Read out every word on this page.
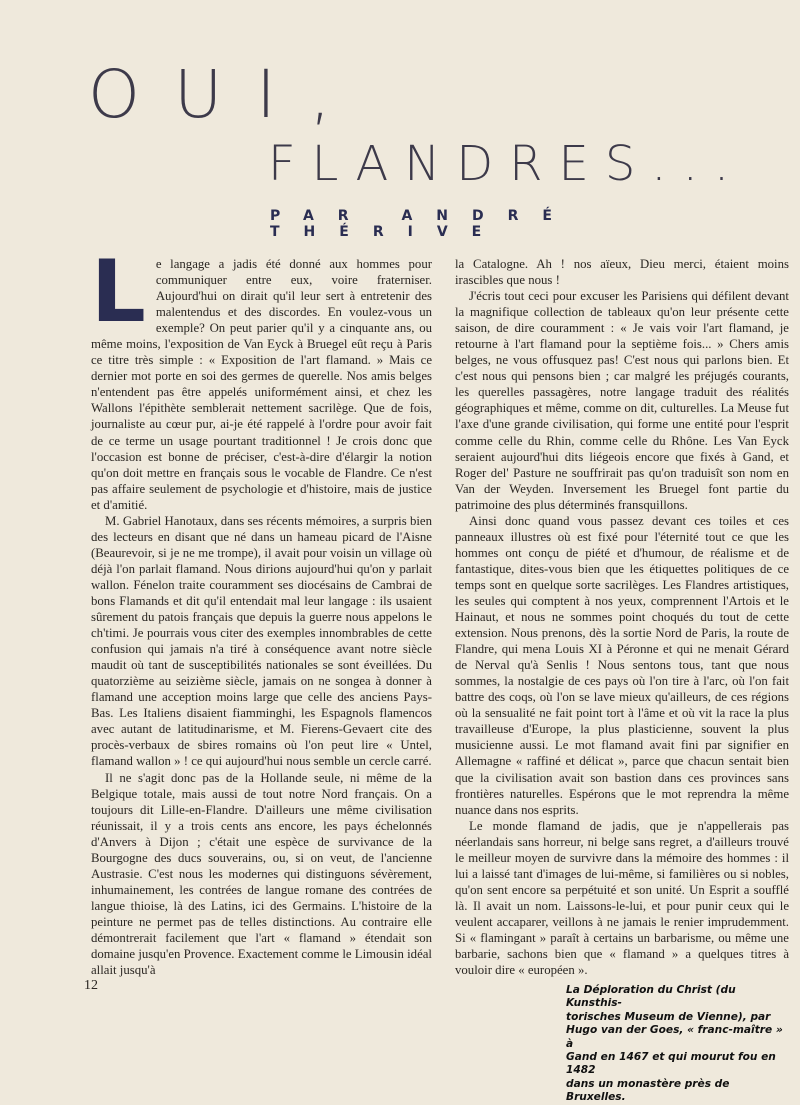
OUI,
FLANDRES...
PAR ANDRÉ THÉRIVE
L e langage a jadis été donné aux hommes pour communiquer entre eux, voire fraterniser. Aujourd'hui on dirait qu'il leur sert à entretenir des malentendus et des discordes. En voulez-vous un exemple? On peut parier qu'il y a cinquante ans, ou même moins, l'exposition de Van Eyck à Bruegel eût reçu à Paris ce titre très simple : « Exposition de l'art flamand. » Mais ce dernier mot porte en soi des germes de querelle. Nos amis belges n'entendent pas être appelés uniformément ainsi, et chez les Wallons l'épithète semblerait nettement sacrilège. Que de fois, journaliste au cœur pur, ai-je été rappelé à l'ordre pour avoir fait de ce terme un usage pourtant traditionnel ! Je crois donc que l'occasion est bonne de préciser, c'est-à-dire d'élargir la notion qu'on doit mettre en français sous le vocable de Flandre. Ce n'est pas affaire seulement de psychologie et d'histoire, mais de justice et d'amitié.

M. Gabriel Hanotaux, dans ses récents mémoires, a surpris bien des lecteurs en disant que né dans un hameau picard de l'Aisne (Beaurevoir, si je ne me trompe), il avait pour voisin un village où déjà l'on parlait flamand. Nous dirions aujourd'hui qu'on y parlait wallon. Fénelon traite couramment ses diocésains de Cambrai de bons Flamands et dit qu'il entendait mal leur langage : ils usaient sûrement du patois français que depuis la guerre nous appelons le ch'timi. Je pourrais vous citer des exemples innombrables de cette confusion qui jamais n'a tiré à conséquence avant notre siècle maudit où tant de susceptibilités nationales se sont éveillées. Du quatorzième au seizième siècle, jamais on ne songea à donner à flamand une acception moins large que celle des anciens Pays-Bas. Les Italiens disaient fiamminghi, les Espagnols flamencos avec autant de latitudinarisme, et M. Fierens-Gevaert cite des procès-verbaux de sbires romains où l'on peut lire « Untel, flamand wallon » ! ce qui aujourd'hui nous semble un cercle carré.

Il ne s'agit donc pas de la Hollande seule, ni même de la Belgique totale, mais aussi de tout notre Nord français. On a toujours dit Lille-en-Flandre. D'ailleurs une même civilisation réunissait, il y a trois cents ans encore, les pays échelonnés d'Anvers à Dijon ; c'était une espèce de survivance de la Bourgogne des ducs souverains, ou, si on veut, de l'ancienne Austrasie. C'est nous les modernes qui distinguons sévèrement, inhumainement, les contrées de langue romane des contrées de langue thioise, là des Latins, ici des Germains. L'histoire de la peinture ne permet pas de telles distinctions. Au contraire elle démontrerait facilement que l'art « flamand » étendait son domaine jusqu'en Provence. Exactement comme le Limousin idéal allait jusqu'à

la Catalogne. Ah ! nos aïeux, Dieu merci, étaient moins irascibles que nous !

J'écris tout ceci pour excuser les Parisiens qui défilent devant la magnifique collection de tableaux qu'on leur présente cette saison, de dire couramment : « Je vais voir l'art flamand, je retourne à l'art flamand pour la septième fois... » Chers amis belges, ne vous offusquez pas! C'est nous qui parlons bien. Et c'est nous qui pensons bien ; car malgré les préjugés courants, les querelles passagères, notre langage traduit des réalités géographiques et même, comme on dit, culturelles. La Meuse fut l'axe d'une grande civilisation, qui forme une entité pour l'esprit comme celle du Rhin, comme celle du Rhône. Les Van Eyck seraient aujourd'hui dits liégeois encore que fixés à Gand, et Roger del' Pasture ne souffrirait pas qu'on traduisît son nom en Van der Weyden. Inversement les Bruegel font partie du patrimoine des plus déterminés fransquillons.

Ainsi donc quand vous passez devant ces toiles et ces panneaux illustres où est fixé pour l'éternité tout ce que les hommes ont conçu de piété et d'humour, de réalisme et de fantastique, dites-vous bien que les étiquettes politiques de ce temps sont en quelque sorte sacrilèges. Les Flandres artistiques, les seules qui comptent à nos yeux, comprennent l'Artois et le Hainaut, et nous ne sommes point choqués du tout de cette extension. Nous prenons, dès la sortie Nord de Paris, la route de Flandre, qui mena Louis XI à Péronne et qui ne menait Gérard de Nerval qu'à Senlis ! Nous sentons tous, tant que nous sommes, la nostalgie de ces pays où l'on tire à l'arc, où l'on fait battre des coqs, où l'on se lave mieux qu'ailleurs, de ces régions où la sensualité ne fait point tort à l'âme et où vit la race la plus travailleuse d'Europe, la plus plasticienne, souvent la plus musicienne aussi. Le mot flamand avait fini par signifier en Allemagne « raffiné et délicat », parce que chacun sentait bien que la civilisation avait son bastion dans ces provinces sans frontières naturelles. Espérons que le mot reprendra la même nuance dans nos esprits.

Le monde flamand de jadis, que je n'appellerais pas néerlandais sans horreur, ni belge sans regret, a d'ailleurs trouvé le meilleur moyen de survivre dans la mémoire des hommes : il lui a laissé tant d'images de lui-même, si familières ou si nobles, qu'on sent encore sa perpétuité et son unité. Un Esprit a soufflé là. Il avait un nom. Laissons-le-lui, et pour punir ceux qui le veulent accaparer, veillons à ne jamais le renier imprudemment. Si « flamingant » paraît à certains un barbarisme, ou même une barbarie, sachons bien que « flamand » a quelques titres à vouloir dire « européen ».

12	La Déploration du Christ (du Kunsthis-
torisches Museum de Vienne), par
Hugo van der Goes, « franc-maître » à
Gand en 1467 et qui mourut fou en 1482
dans un monastère près de Bruxelles.
